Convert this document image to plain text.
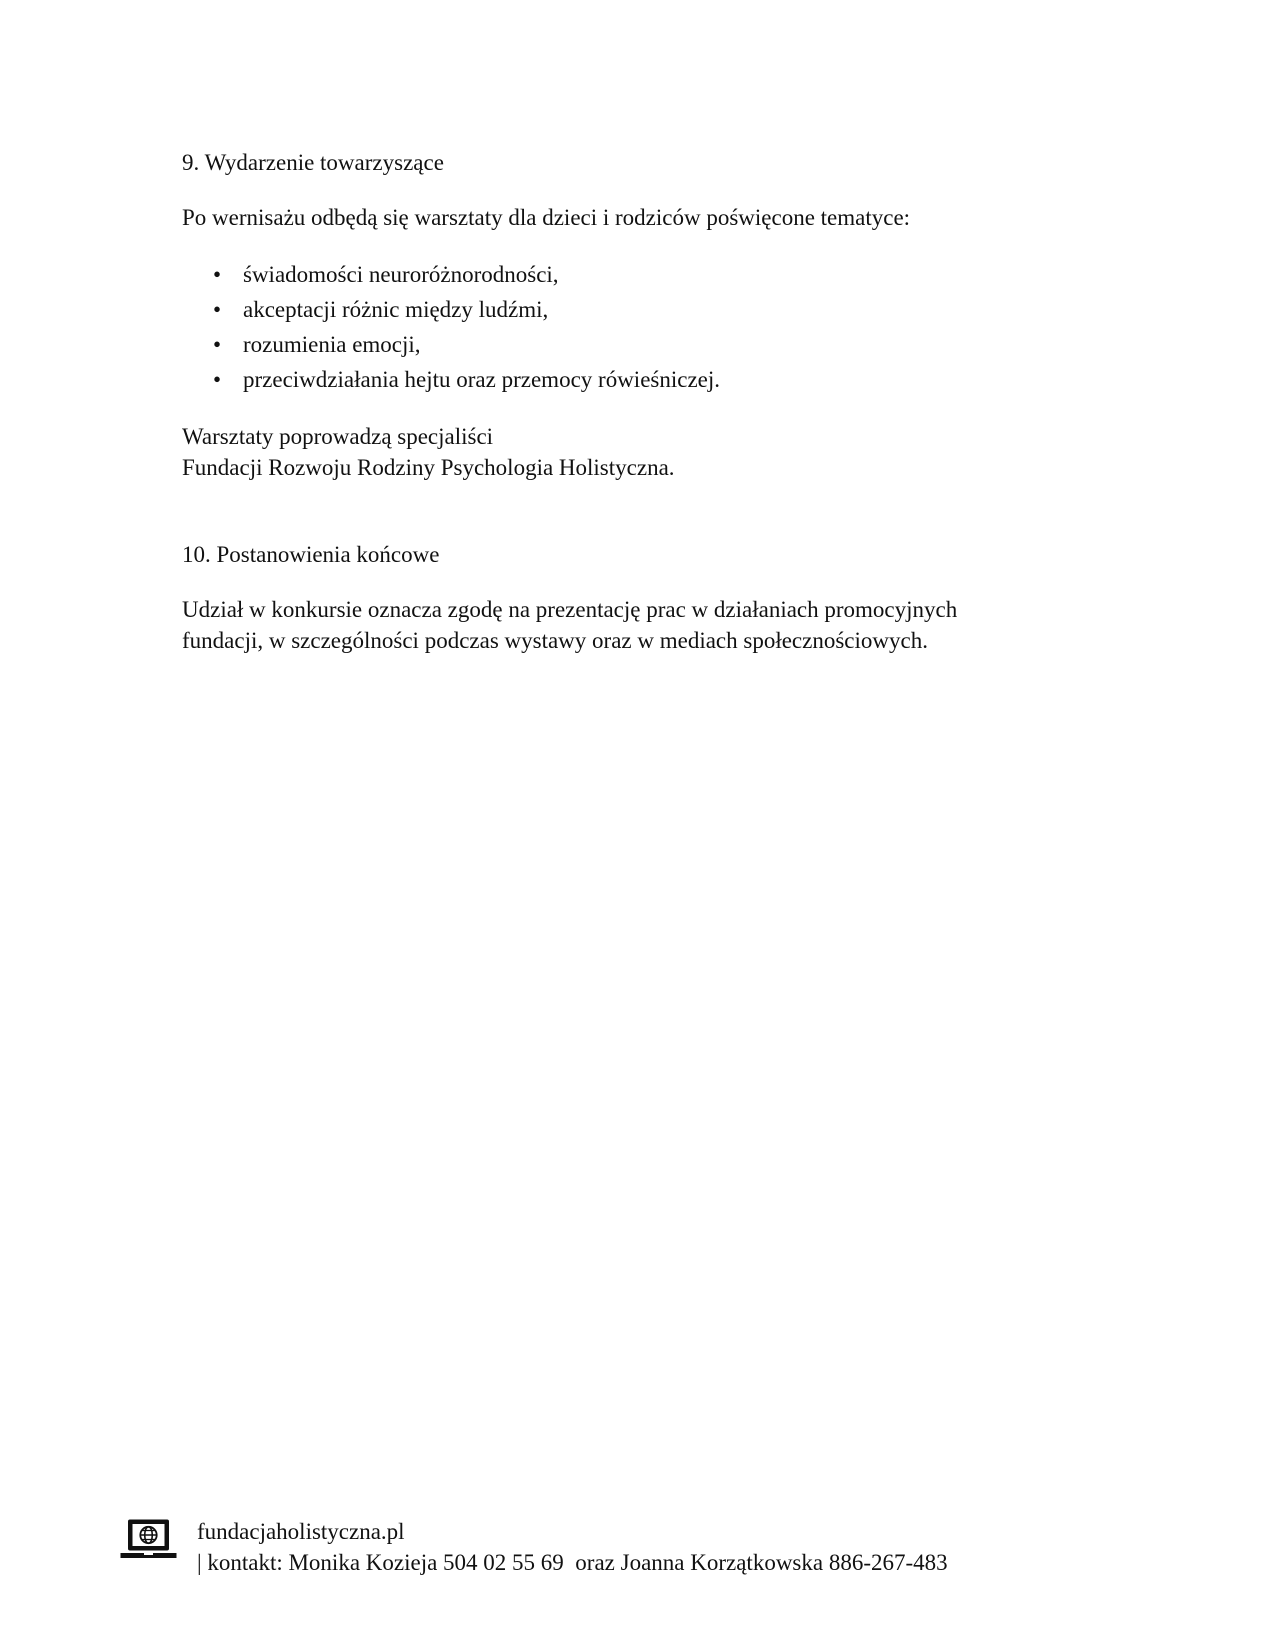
9. Wydarzenie towarzyszące

Po wernisażu odbędą się warsztaty dla dzieci i rodziców poświęcone tematyce:

• świadomości neuroróżnorodności,
• akceptacji różnic między ludźmi,
• rozumienia emocji,
• przeciwdziałania hejtu oraz przemocy rówieśniczej.

Warsztaty poprowadzą specjaliści
Fundacji Rozwoju Rodziny Psychologia Holistyczna.

10. Postanowienia końcowe

Udział w konkursie oznacza zgodę na prezentację prac w działaniach promocyjnych
fundacji, w szczególności podczas wystawy oraz w mediach społecznościowych.

fundacjaholistyczna.pl
| kontakt: Monika Kozieja 504 02 55 69  oraz Joanna Korzątkowska 886-267-483
